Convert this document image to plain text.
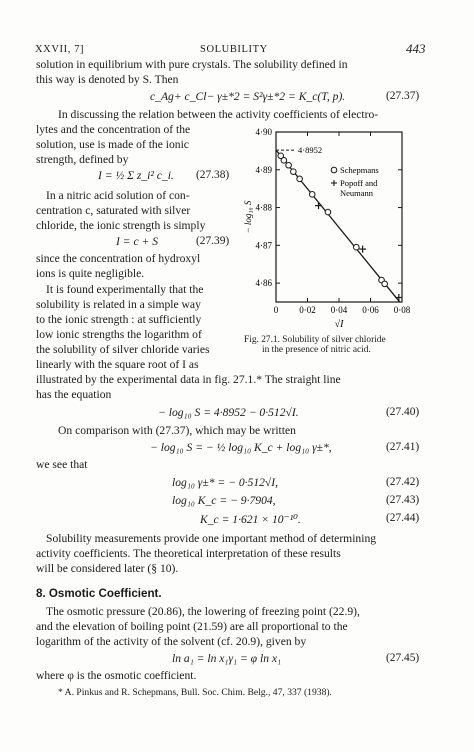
XXVII, 7]	SOLUBILITY	443
solution in equilibrium with pure crystals. The solubility defined in
this way is denoted by S. Then
c_Ag+ c_Cl− γ±*2 = S²γ±*2 = K_c(T, p).	(27.37)
In discussing the relation between the activity coefficients of electro-
lytes and the concentration of the
solution, use is made of the ionic
strength, defined by
I = ½ Σ z_i² c_i. (27.38)
In a nitric acid solution of con-
centration c, saturated with silver
chloride, the ionic strength is simply
I = c + S	(27.39)
since the concentration of hydroxyl
ions is quite negligible.
It is found experimentally that the
solubility is related in a simple way
to the ionic strength : at sufficiently
low ionic strengths the logarithm of
the solubility of silver chloride varies
linearly with the square root of I as
illustrated by the experimental data in fig. 27.1.* The straight line
has the equation
− log₁₀ S = 4·8952 − 0·512√I.	(27.40)
On comparison with (27.37), which may be written
− log₁₀ S = − ½ log₁₀ K_c + log₁₀ γ±*,	(27.41)
we see that
log₁₀ γ±* = − 0·512√I,	(27.42)
log₁₀ K_c = − 9·7904,	(27.43)
K_c = 1·621 × 10⁻¹⁰.	(27.44)
Solubility measurements provide one important method of determining
activity coefficients. The theoretical interpretation of these results
will be considered later (§ 10).
8. Osmotic Coefficient.
The osmotic pressure (20.86), the lowering of freezing point (22.9),
and the elevation of boiling point (21.59) are all proportional to the
logarithm of the activity of the solvent (cf. 20.9), given by
ln a₁ = ln x₁γ₁ = φ ln x₁	(27.45)
where φ is the osmotic coefficient.
* A. Pinkus and R. Schepmans, Bull. Soc. Chim. Belg., 47, 337 (1938).
0 0·02 0·04 0·06 0·08
4·86
4·87
4·88
4·89
4·90
√I
− log₁₀ S
4·8952
Schepmans
Popoff and
Neumann
Fig. 27.1. Solubility of silver chloride
in the presence of nitric acid.
